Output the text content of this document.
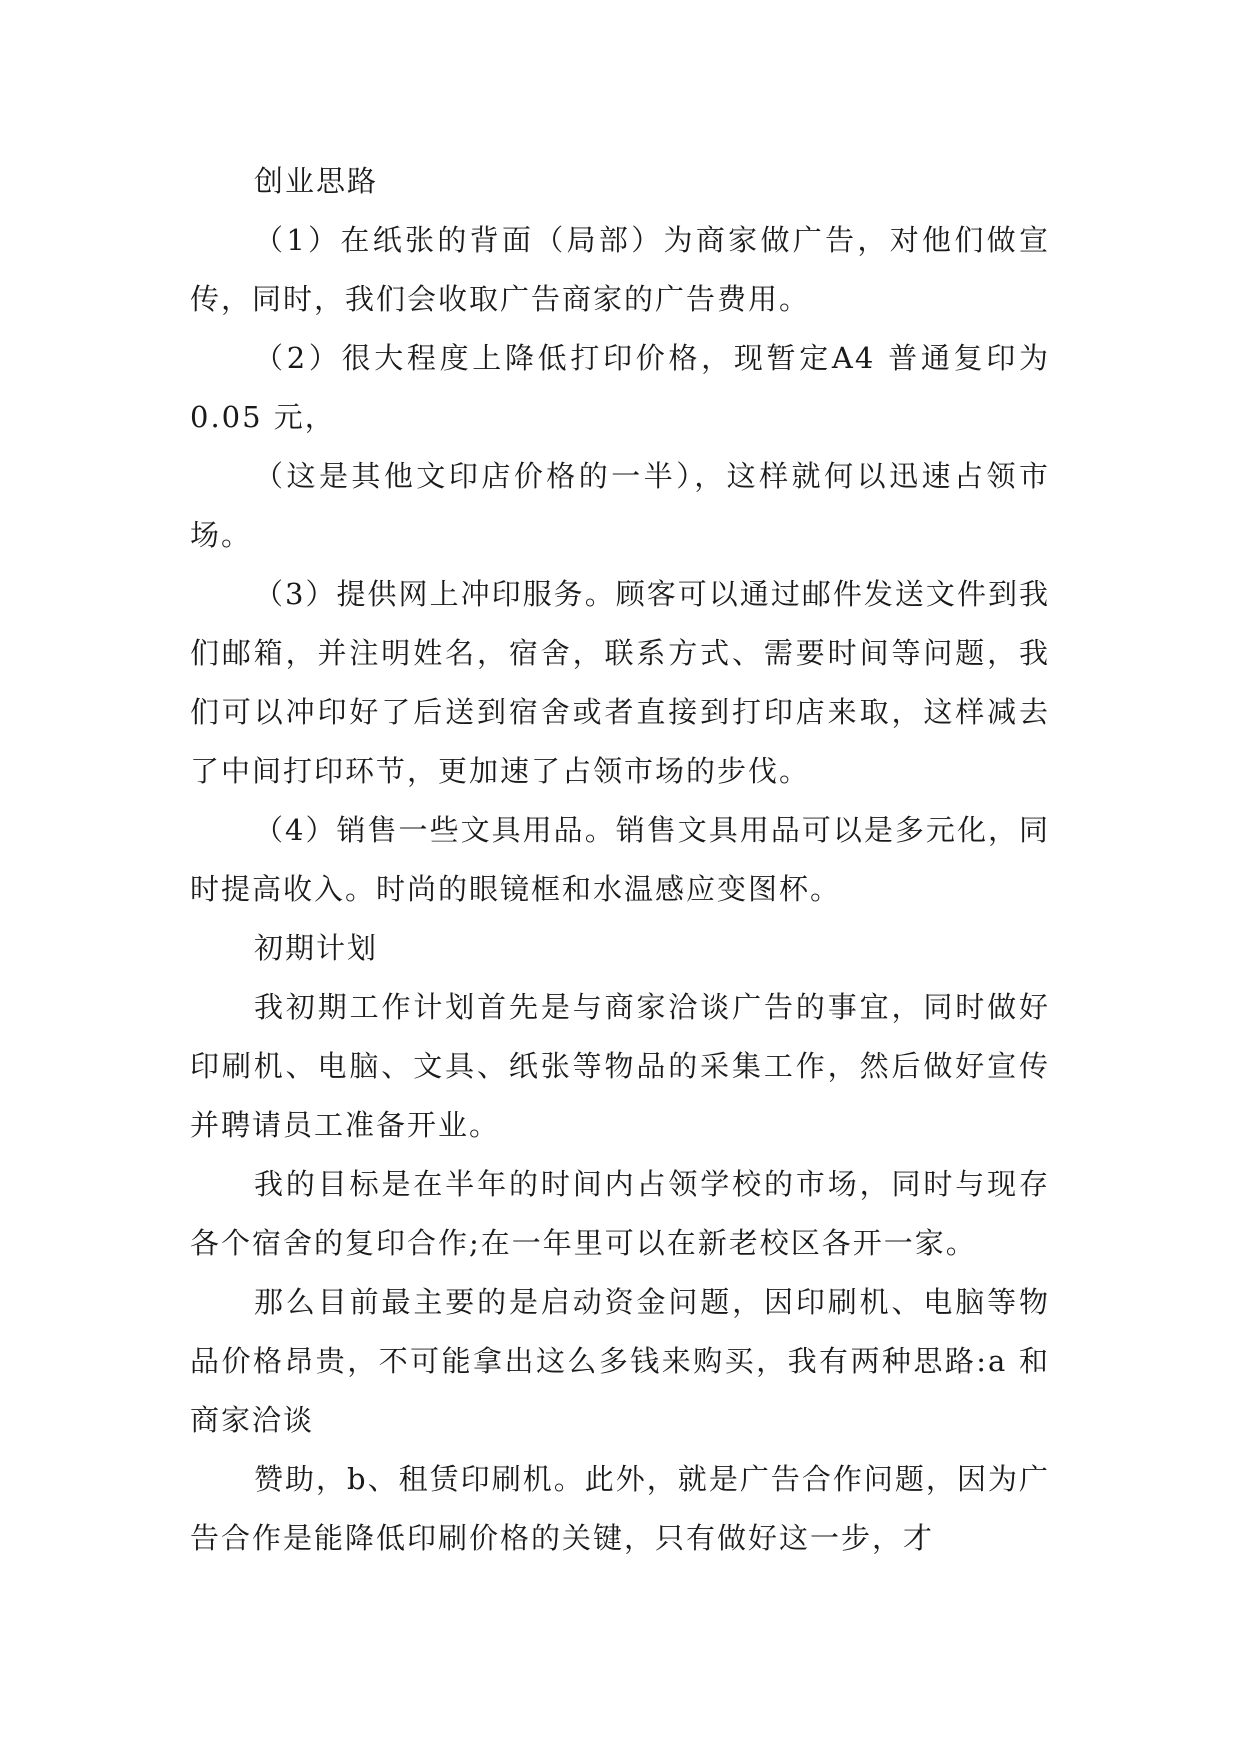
创业思路

（1）在纸张的背面（局部）为商家做广告，对他们做宣传，同时，我们会收取广告商家的广告费用。

（2）很大程度上降低打印价格，现暂定A4 普通复印为0.05 元，

（这是其他文印店价格的一半），这样就何以迅速占领市场。

（3）提供网上冲印服务。顾客可以通过邮件发送文件到我们邮箱，并注明姓名，宿舍，联系方式、需要时间等问题，我们可以冲印好了后送到宿舍或者直接到打印店来取，这样减去了中间打印环节，更加速了占领市场的步伐。

（4）销售一些文具用品。销售文具用品可以是多元化，同时提高收入。时尚的眼镜框和水温感应变图杯。

初期计划

我初期工作计划首先是与商家洽谈广告的事宜，同时做好印刷机、电脑、文具、纸张等物品的采集工作，然后做好宣传并聘请员工准备开业。

我的目标是在半年的时间内占领学校的市场，同时与现存各个宿舍的复印合作;在一年里可以在新老校区各开一家。

那么目前最主要的是启动资金问题，因印刷机、电脑等物品价格昂贵，不可能拿出这么多钱来购买，我有两种思路:a 和商家洽谈

赞助，b、租赁印刷机。此外，就是广告合作问题，因为广告合作是能降低印刷价格的关键，只有做好这一步，才
